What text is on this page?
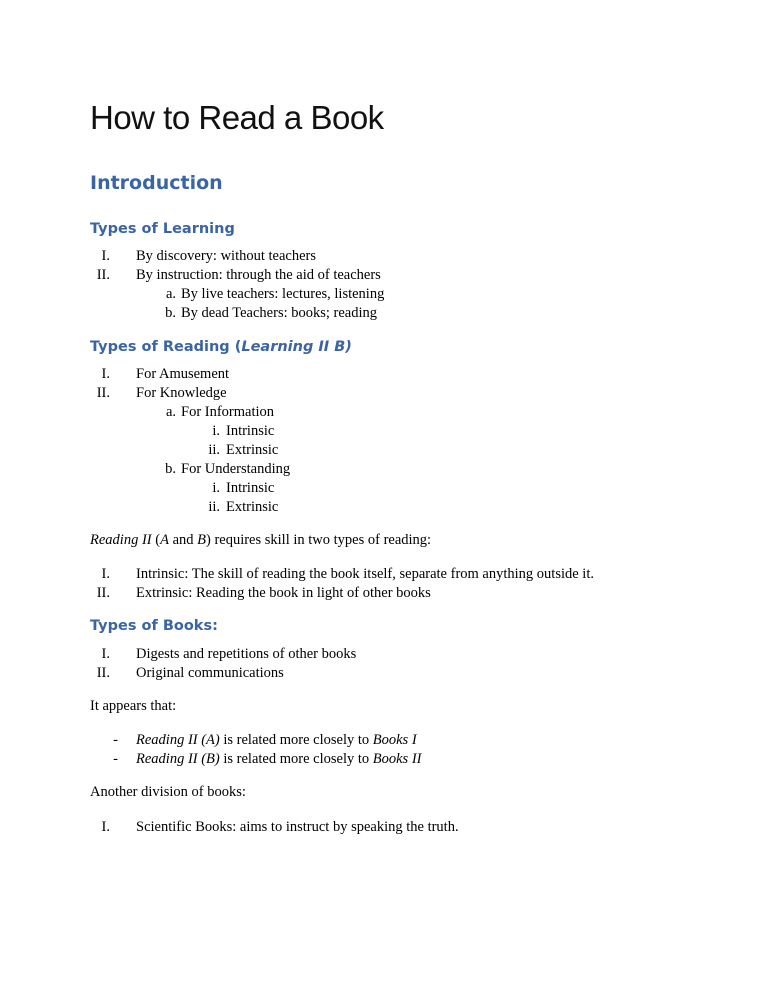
How to Read a Book
Introduction
Types of Learning
I. By discovery: without teachers
II. By instruction: through the aid of teachers
a. By live teachers: lectures, listening
b. By dead Teachers: books; reading
Types of Reading (Learning II B)
I. For Amusement
II. For Knowledge
a. For Information
i. Intrinsic
ii. Extrinsic
b. For Understanding
i. Intrinsic
ii. Extrinsic
Reading II (A and B) requires skill in two types of reading:
I. Intrinsic: The skill of reading the book itself, separate from anything outside it.
II. Extrinsic: Reading the book in light of other books
Types of Books:
I. Digests and repetitions of other books
II. Original communications
It appears that:
- Reading II (A) is related more closely to Books I
- Reading II (B) is related more closely to Books II
Another division of books:
I. Scientific Books: aims to instruct by speaking the truth.
